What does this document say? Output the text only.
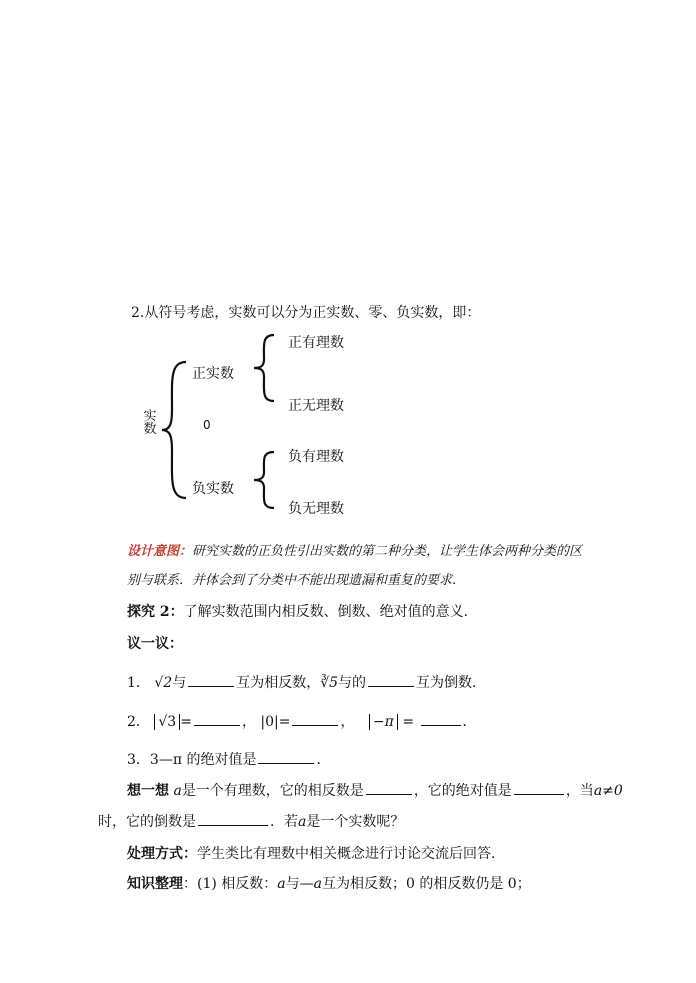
2.从符号考虑，实数可以分为正实数、零、负实数，即：
实数
正实数
0
负实数
正有理数
正无理数
负有理数
负无理数
设计意图：研究实数的正负性引出实数的第二种分类，让学生体会两种分类的区
别与联系．并体会到了分类中不能出现遗漏和重复的要求．
探究 2：了解实数范围内相反数、倒数、绝对值的意义．
议一议：
1． √2与	互为相反数，∛5与的	互为倒数．
2． √3 =	， |0|=	， −π =	．
3．3—π 的绝对值是	．
想一想 a是一个有理数，它的相反数是	，它的绝对值是	，当a≠0
时，它的倒数是	．若a是一个实数呢？
处理方式：学生类比有理数中相关概念进行讨论交流后回答．
知识整理：(1) 相反数：a与—a互为相反数；0 的相反数仍是 0；
